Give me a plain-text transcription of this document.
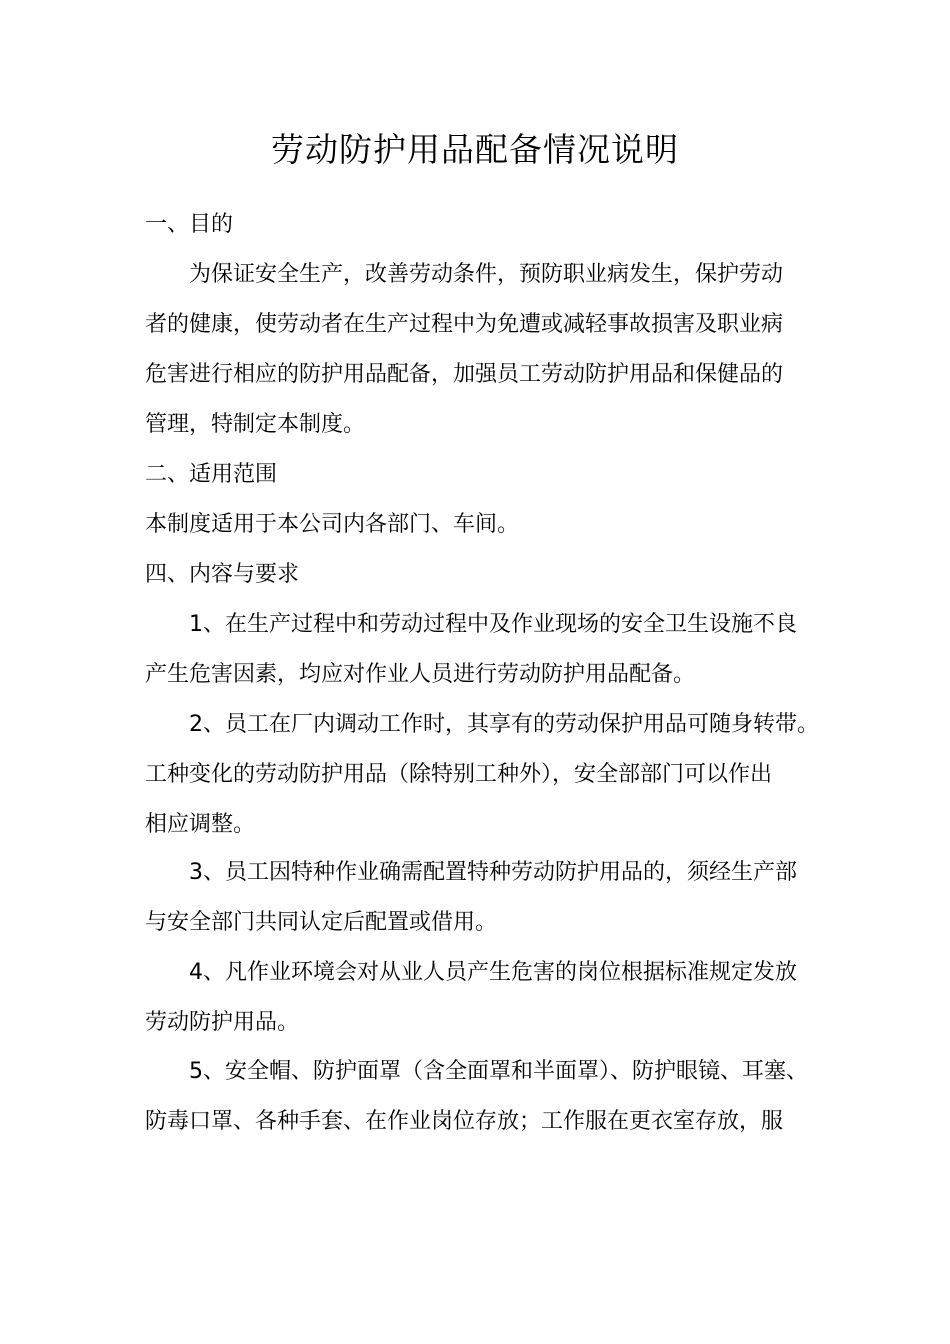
劳动防护用品配备情况说明
一、目的
为保证安全生产，改善劳动条件，预防职业病发生，保护劳动
者的健康，使劳动者在生产过程中为免遭或减轻事故损害及职业病
危害进行相应的防护用品配备，加强员工劳动防护用品和保健品的
管理，特制定本制度。
二、适用范围
本制度适用于本公司内各部门、车间。
四、内容与要求
1、在生产过程中和劳动过程中及作业现场的安全卫生设施不良
产生危害因素，均应对作业人员进行劳动防护用品配备。
2、员工在厂内调动工作时，其享有的劳动保护用品可随身转带。
工种变化的劳动防护用品（除特别工种外），安全部部门可以作出
相应调整。
3、员工因特种作业确需配置特种劳动防护用品的，须经生产部
与安全部门共同认定后配置或借用。
4、凡作业环境会对从业人员产生危害的岗位根据标准规定发放
劳动防护用品。
5、安全帽、防护面罩（含全面罩和半面罩）、防护眼镜、耳塞、
防毒口罩、各种手套、在作业岗位存放；工作服在更衣室存放，服
